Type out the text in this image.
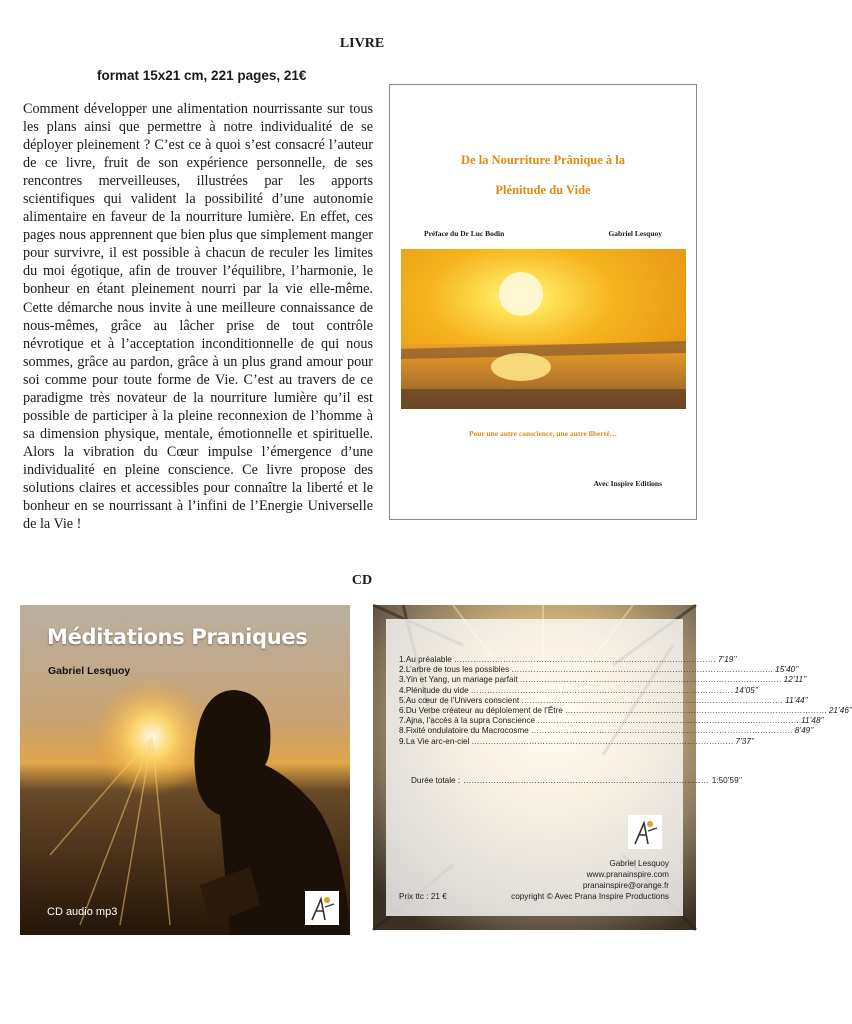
LIVRE
format 15x21 cm, 221 pages, 21€
Comment développer une alimentation nourrissante sur tous les plans ainsi que permettre à notre individualité de se déployer pleinement ? C’est ce à quoi s’est consacré l’auteur de ce livre, fruit de son expérience personnelle, de ses rencontres merveilleuses, illustrées par les apports scientifiques qui valident la possibilité d’une autonomie alimentaire en faveur de la nourriture lumière. En effet, ces pages nous apprennent que bien plus que simplement manger pour survivre, il est possible à chacun de reculer les limites du moi égotique, afin de trouver l’équilibre, l’harmonie, le bonheur en étant pleinement nourri par la vie elle-même. Cette démarche nous invite à une meilleure connaissance de nous-mêmes, grâce au lâcher prise de tout contrôle névrotique et à l’acceptation inconditionnelle de qui nous sommes, grâce au pardon, grâce à un plus grand amour pour soi comme pour toute forme de Vie. C’est au travers de ce paradigme très novateur de la nourriture lumière qu’il est possible de participer à la pleine reconnexion de l’homme à sa dimension physique, mentale, émotionnelle et spirituelle. Alors la vibration du Cœur impulse l’émergence d’une individualité en pleine conscience. Ce livre propose des solutions claires et accessibles pour connaître la liberté et le bonheur en se nourrissant à l’infini de l’Energie Universelle de la Vie !
De la Nourriture Prânique à la
Plénitude du Vide
Préface du Dr Luc Bodin	Gabriel Lesquoy
Pour une autre conscience, une autre liberté…
Avec Inspire Editions
CD
Méditations Praniques
Gabriel Lesquoy
CD audio mp3
1. Au préalable …………………………………………………………………………………… 7’19’’
2. L’arbre de tous les possibles …………………………………………………………………………………… 15’40’’
3. Yin et Yang, un mariage parfait …………………………………………………………………………………… 12’11’’
4. Plénitude du vide …………………………………………………………………………………… 14’05’’
5. Au cœur de l’Univers conscient …………………………………………………………………………………… 11’44’’
6. Du Verbe créateur au déploiement de l’Être …………………………………………………………………………………… 21’46’’
7. Ajna, l’accès à la supra Conscience …………………………………………………………………………………… 11’48’’
8. Fixité ondulatoire du Macrocosme …………………………………………………………………………………… 8’49’’
9. La Vie arc-en-ciel …………………………………………………………………………………… 7’37’’
Durée totale : ……………………………………………………………………………… 1:50’59’’
Gabriel Lesquoy
www.pranainspire.com
pranainspire@orange.fr
Prix ttc : 21 €	copyright © Avec Prana Inspire Productions
